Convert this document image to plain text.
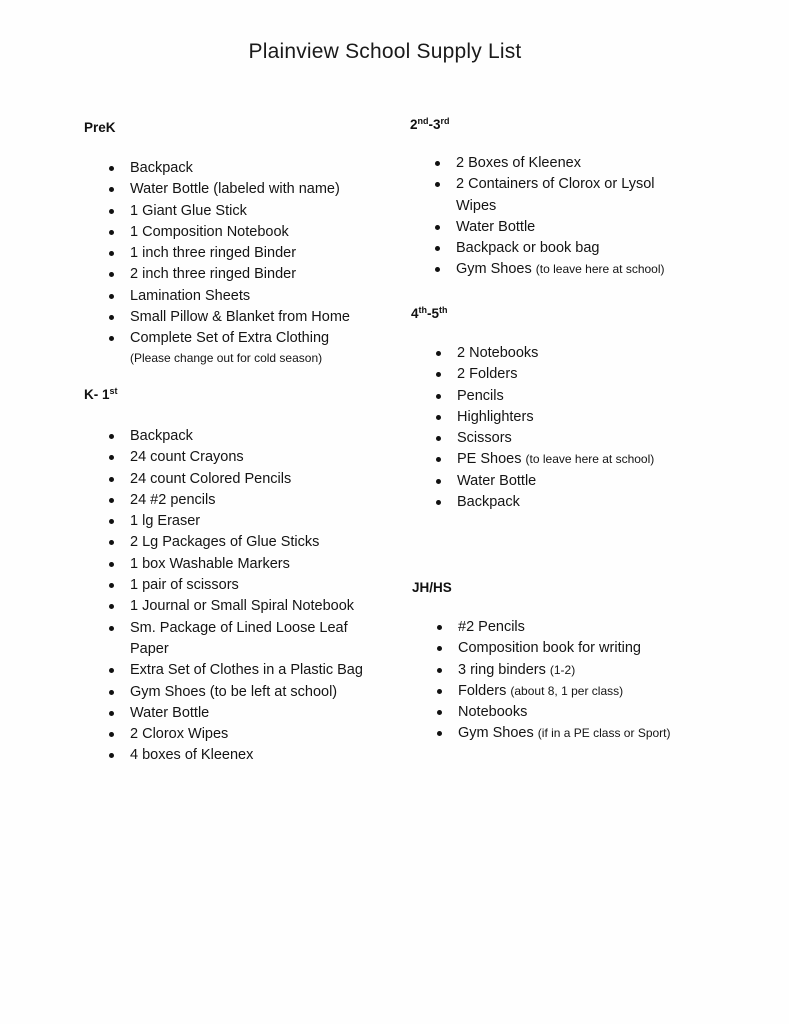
Plainview School Supply List

PreK

Backpack
Water Bottle (labeled with name)
1 Giant Glue Stick
1 Composition Notebook
1 inch three ringed Binder
2 inch three ringed Binder
Lamination Sheets
Small Pillow & Blanket from Home
Complete Set of Extra Clothing
(Please change out for cold season)

K- 1st

Backpack
24 count Crayons
24 count Colored Pencils
24 #2 pencils
1 lg Eraser
2 Lg Packages of Glue Sticks
1 box Washable Markers
1 pair of scissors
1 Journal or Small Spiral Notebook
Sm. Package of Lined Loose Leaf Paper
Extra Set of Clothes in a Plastic Bag
Gym Shoes (to be left at school)
Water Bottle
2 Clorox Wipes
4 boxes of Kleenex

2nd-3rd

2 Boxes of Kleenex
2 Containers of Clorox or Lysol Wipes
Water Bottle
Backpack or book bag
Gym Shoes (to leave here at school)

4th-5th

2 Notebooks
2 Folders
Pencils
Highlighters
Scissors
PE Shoes (to leave here at school)
Water Bottle
Backpack

JH/HS

#2 Pencils
Composition book for writing
3 ring binders (1-2)
Folders (about 8, 1 per class)
Notebooks
Gym Shoes (if in a PE class or Sport)
